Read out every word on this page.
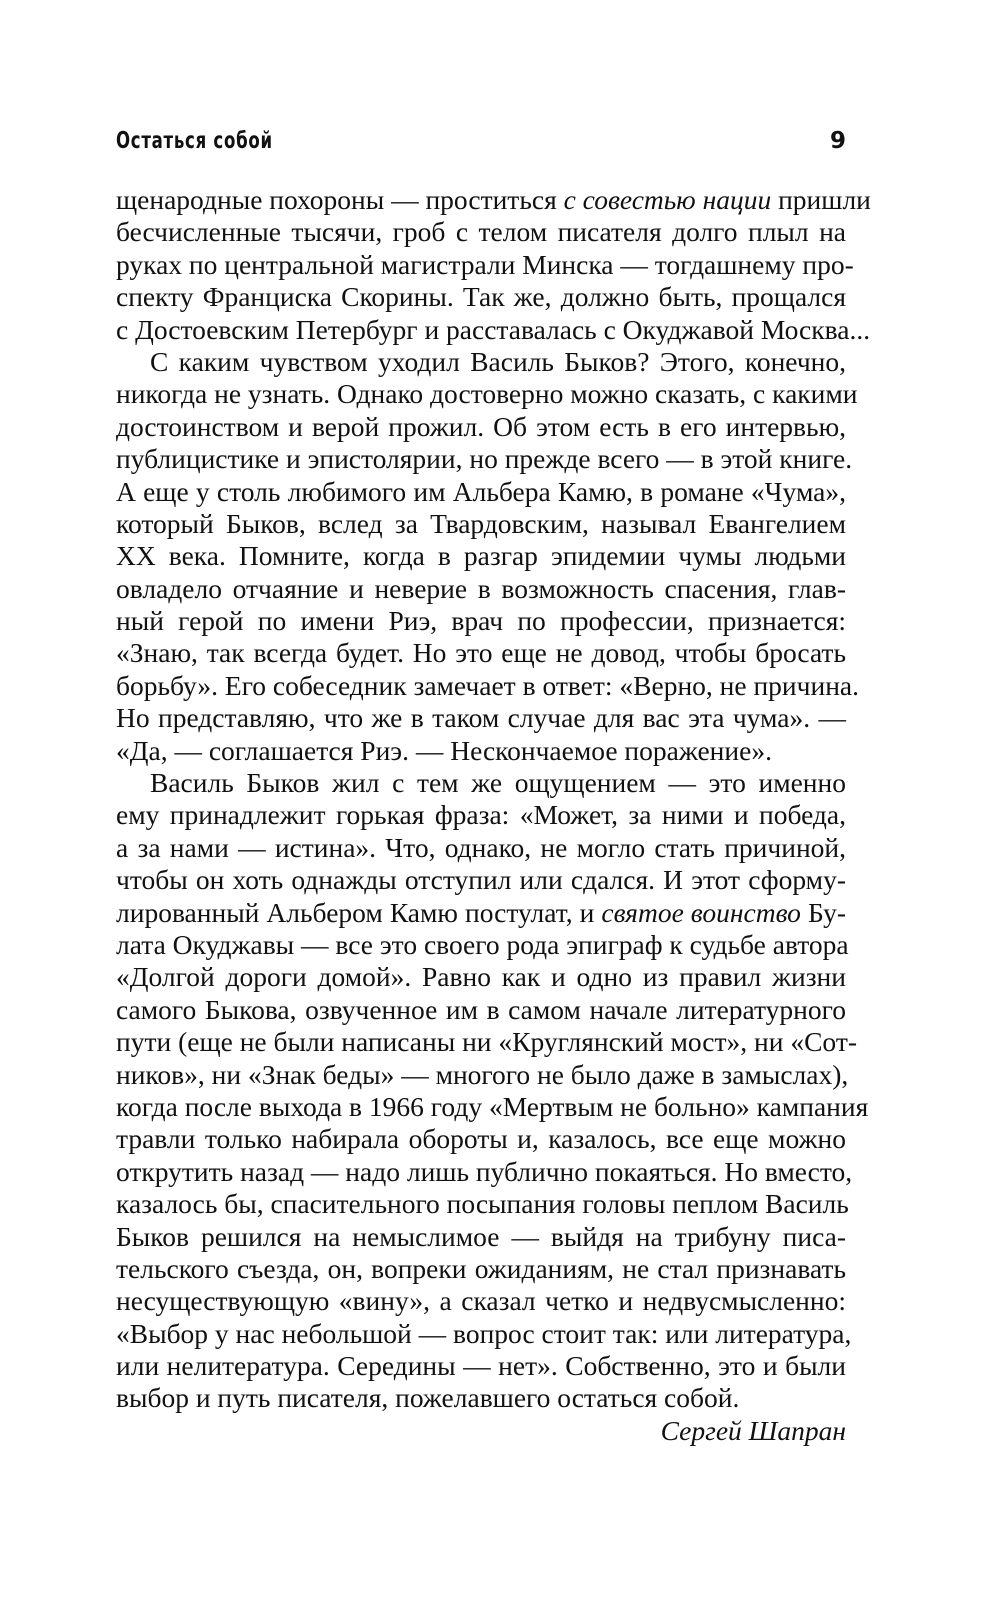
Остаться собой	9
щенародные похороны — проститься с совестью нации пришли
бесчисленные тысячи, гроб с телом писателя долго плыл на
руках по центральной магистрали Минска — тогдашнему про-
спекту Франциска Скорины. Так же, должно быть, прощался
с Достоевским Петербург и расставалась с Окуджавой Москва...
С каким чувством уходил Василь Быков? Этого, конечно,
никогда не узнать. Однако достоверно можно сказать, с какими
достоинством и верой прожил. Об этом есть в его интервью,
публицистике и эпистолярии, но прежде всего — в этой книге.
А еще у столь любимого им Альбера Камю, в романе «Чума»,
который Быков, вслед за Твардовским, называл Евангелием
XX века. Помните, когда в разгар эпидемии чумы людьми
овладело отчаяние и неверие в возможность спасения, глав-
ный герой по имени Риэ, врач по профессии, признается:
«Знаю, так всегда будет. Но это еще не довод, чтобы бросать
борьбу». Его собеседник замечает в ответ: «Верно, не причина.
Но представляю, что же в таком случае для вас эта чума». —
«Да, — соглашается Риэ. — Нескончаемое поражение».
Василь Быков жил с тем же ощущением — это именно
ему принадлежит горькая фраза: «Может, за ними и победа,
а за нами — истина». Что, однако, не могло стать причиной,
чтобы он хоть однажды отступил или сдался. И этот сформу-
лированный Альбером Камю постулат, и святое воинство Бу-
лата Окуджавы — все это своего рода эпиграф к судьбе автора
«Долгой дороги домой». Равно как и одно из правил жизни
самого Быкова, озвученное им в самом начале литературного
пути (еще не были написаны ни «Круглянский мост», ни «Сот-
ников», ни «Знак беды» — многого не было даже в замыслах),
когда после выхода в 1966 году «Мертвым не больно» кампания
травли только набирала обороты и, казалось, все еще можно
открутить назад — надо лишь публично покаяться. Но вместо,
казалось бы, спасительного посыпания головы пеплом Василь
Быков решился на немыслимое — выйдя на трибуну писа-
тельского съезда, он, вопреки ожиданиям, не стал признавать
несуществующую «вину», а сказал четко и недвусмысленно:
«Выбор у нас небольшой — вопрос стоит так: или литература,
или нелитература. Середины — нет». Собственно, это и были
выбор и путь писателя, пожелавшего остаться собой.
Сергей Шапран
